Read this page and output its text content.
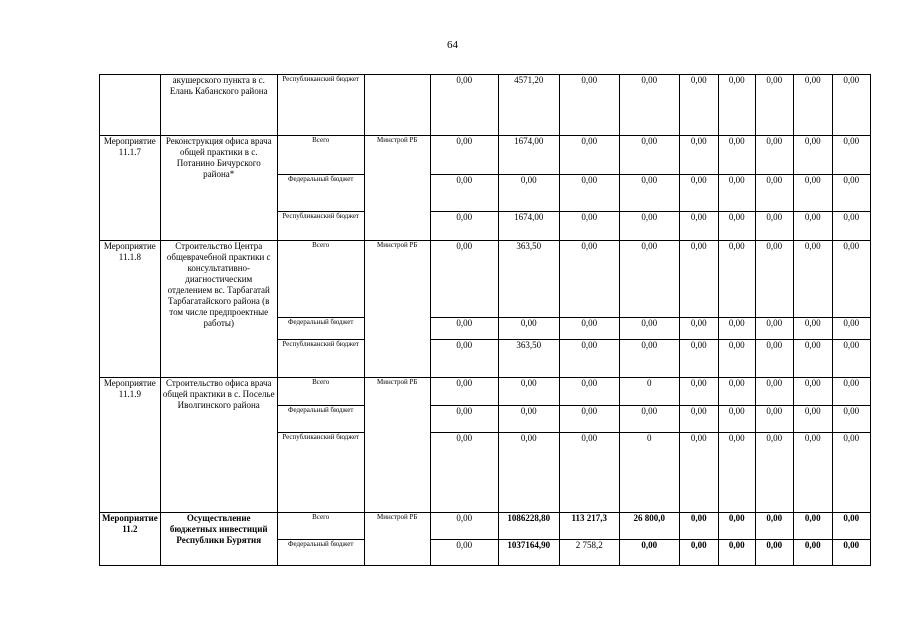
64
	акушерского пункта в с. Елань Кабанского района	Республиканский бюджет		0,00	4571,20	0,00	0,00	0,00	0,00	0,00	0,00	0,00
Мероприятие 11.1.7	Реконструкция офиса врача общей практики в с. Потанино Бичурского района*	Всего	Минстрой РБ	0,00	1674,00	0,00	0,00	0,00	0,00	0,00	0,00	0,00
		Федеральный бюджет		0,00	0,00	0,00	0,00	0,00	0,00	0,00	0,00	0,00
		Республиканский бюджет		0,00	1674,00	0,00	0,00	0,00	0,00	0,00	0,00	0,00
Мероприятие 11.1.8	Строительство Центра общеврачебной практики с консультативно-диагностическим отделением вс. Тарбагатай Тарбагатайского района (в том числе предпроектные работы)	Всего	Минстрой РБ	0,00	363,50	0,00	0,00	0,00	0,00	0,00	0,00	0,00
		Федеральный бюджет		0,00	0,00	0,00	0,00	0,00	0,00	0,00	0,00	0,00
		Республиканский бюджет		0,00	363,50	0,00	0,00	0,00	0,00	0,00	0,00	0,00
Мероприятие 11.1.9	Строительство офиса врача общей практики в с. Поселье Иволгинского района	Всего	Минстрой РБ	0,00	0,00	0,00	0	0,00	0,00	0,00	0,00	0,00
		Федеральный бюджет		0,00	0,00	0,00	0,00	0,00	0,00	0,00	0,00	0,00
		Республиканский бюджет		0,00	0,00	0,00	0	0,00	0,00	0,00	0,00	0,00
Мероприятие 11.2	Осуществление бюджетных инвестиций Республики Бурятия	Всего	Минстрой РБ	0,00	1086228,80	113 217,3	26 800,0	0,00	0,00	0,00	0,00	0,00
		Федеральный бюджет		0,00	1037164,90	2 758,2	0,00	0,00	0,00	0,00	0,00	0,00
